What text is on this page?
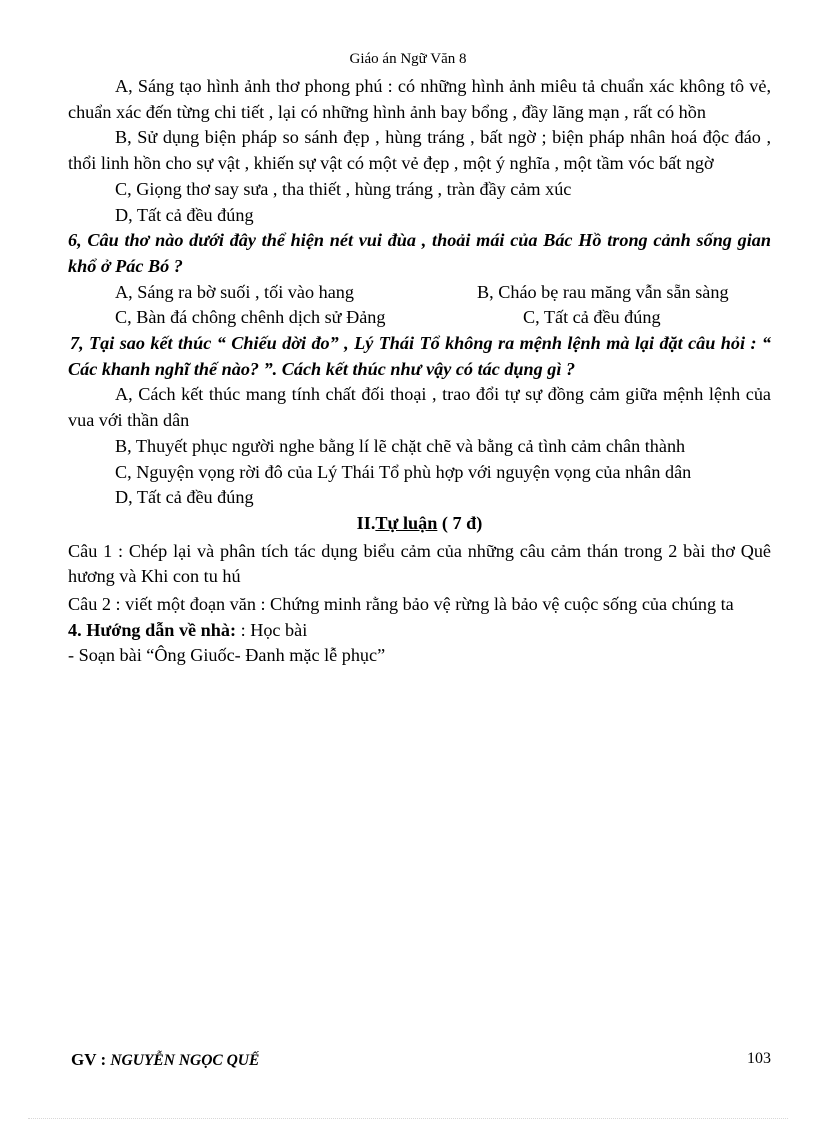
Giáo án Ngữ Văn 8

A, Sáng tạo hình ảnh thơ phong phú : có những hình ảnh miêu tả chuẩn xác không tô vẻ, chuẩn xác đến từng chi tiết , lại có những hình ảnh bay bổng , đầy lãng mạn , rất có hồn

B, Sử dụng biện pháp so sánh đẹp , hùng tráng , bất ngờ ; biện pháp nhân hoá độc đáo , thổi linh hồn cho sự vật , khiến sự vật có một vẻ đẹp , một ý nghĩa , một tầm vóc bất ngờ

C, Giọng thơ say sưa , tha thiết , hùng tráng , tràn đầy cảm xúc

D, Tất cả đều đúng

6, Câu thơ nào dưới đây thể hiện nét vui đùa , thoải mái của Bác Hồ trong cảnh sống gian khổ ở Pác Bó ?

A, Sáng ra bờ suối , tối vào hang	B, Cháo bẹ rau măng vẫn sẵn sàng
C, Bàn đá chông chênh dịch sử Đảng	C, Tất cả đều đúng

7, Tại sao kết thúc “ Chiếu dời đo” , Lý Thái Tổ không ra mệnh lệnh mà lại đặt câu hỏi : “ Các khanh nghĩ thế nào? ”. Cách kết thúc như vậy có tác dụng gì ?

A, Cách kết thúc mang tính chất đối thoại , trao đổi tự sự đồng cảm giữa mệnh lệnh của vua với thần dân

B, Thuyết phục người nghe bằng lí lẽ chặt chẽ và bằng cả tình cảm chân thành

C, Nguyện vọng rời đô của Lý Thái Tổ phù hợp với nguyện vọng của nhân dân

D, Tất cả đều đúng

II.Tự luận ( 7 đ)

Câu 1 : Chép lại và phân tích tác dụng biểu cảm của những câu cảm thán trong 2 bài thơ Quê hương và Khi con tu hú

Câu 2 : viết một đoạn văn : Chứng minh rằng bảo vệ rừng là bảo vệ cuộc sống của chúng ta

4. Hướng dẫn về nhà: : Học bài

- Soạn bài “Ông Giuốc- Đanh mặc lễ phục”

GV : NGUYỄN NGỌC QUẾ	103
